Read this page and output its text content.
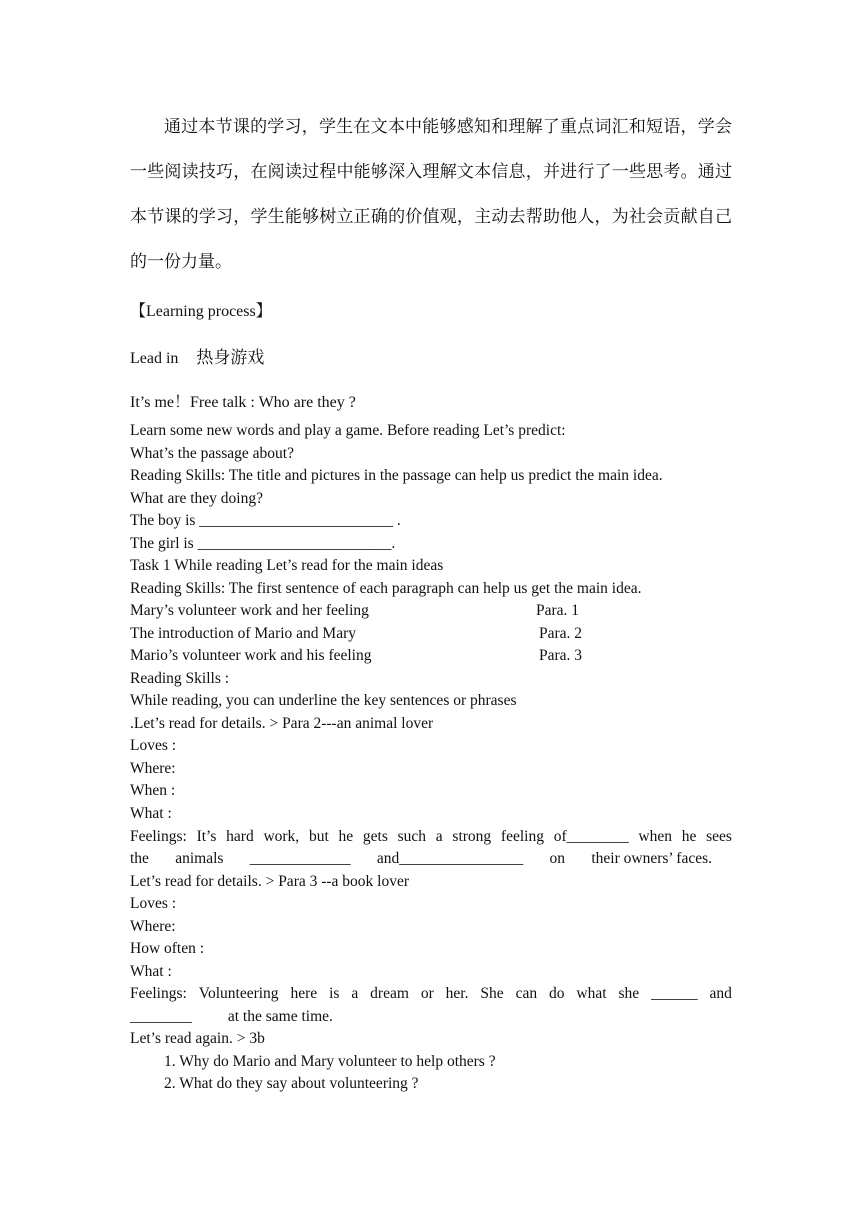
通过本节课的学习，学生在文本中能够感知和理解了重点词汇和短语，学会一些阅读技巧，在阅读过程中能够深入理解文本信息，并进行了一些思考。通过本节课的学习，学生能够树立正确的价值观，主动去帮助他人，为社会贡献自己的一份力量。
【Learning process】
Lead in 热身游戏
It’s me！Free talk : Who are they ?
Learn some new words and play a game. Before reading Let’s predict:
What’s the passage about?
Reading Skills: The title and pictures in the passage can help us predict the main idea.
What are they doing?
The boy is _________________________ .
The girl is _________________________.
Task 1 While reading Let’s read for the main ideas
Reading Skills: The first sentence of each paragraph can help us get the main idea.
Mary’s volunteer work and her feeling	Para. 1
The introduction of Mario and Mary	Para. 2
Mario’s volunteer work and his feeling	Para. 3
Reading Skills :
While reading, you can underline the key sentences or phrases
.Let’s read for details. > Para 2---an animal lover
Loves :
Where:
When :
What :
Feelings: It’s hard work, but he gets such a strong feeling of________ when he sees
the animals _____________ and________________ on their owners’ faces.
Let’s read for details. > Para 3 --a book lover
Loves :
Where:
How often :
What :
Feelings: Volunteering here is a dream or her. She can do what she ______ and
________ at the same time.
Let’s read again. > 3b
1. Why do Mario and Mary volunteer to help others ?
2. What do they say about volunteering ?
